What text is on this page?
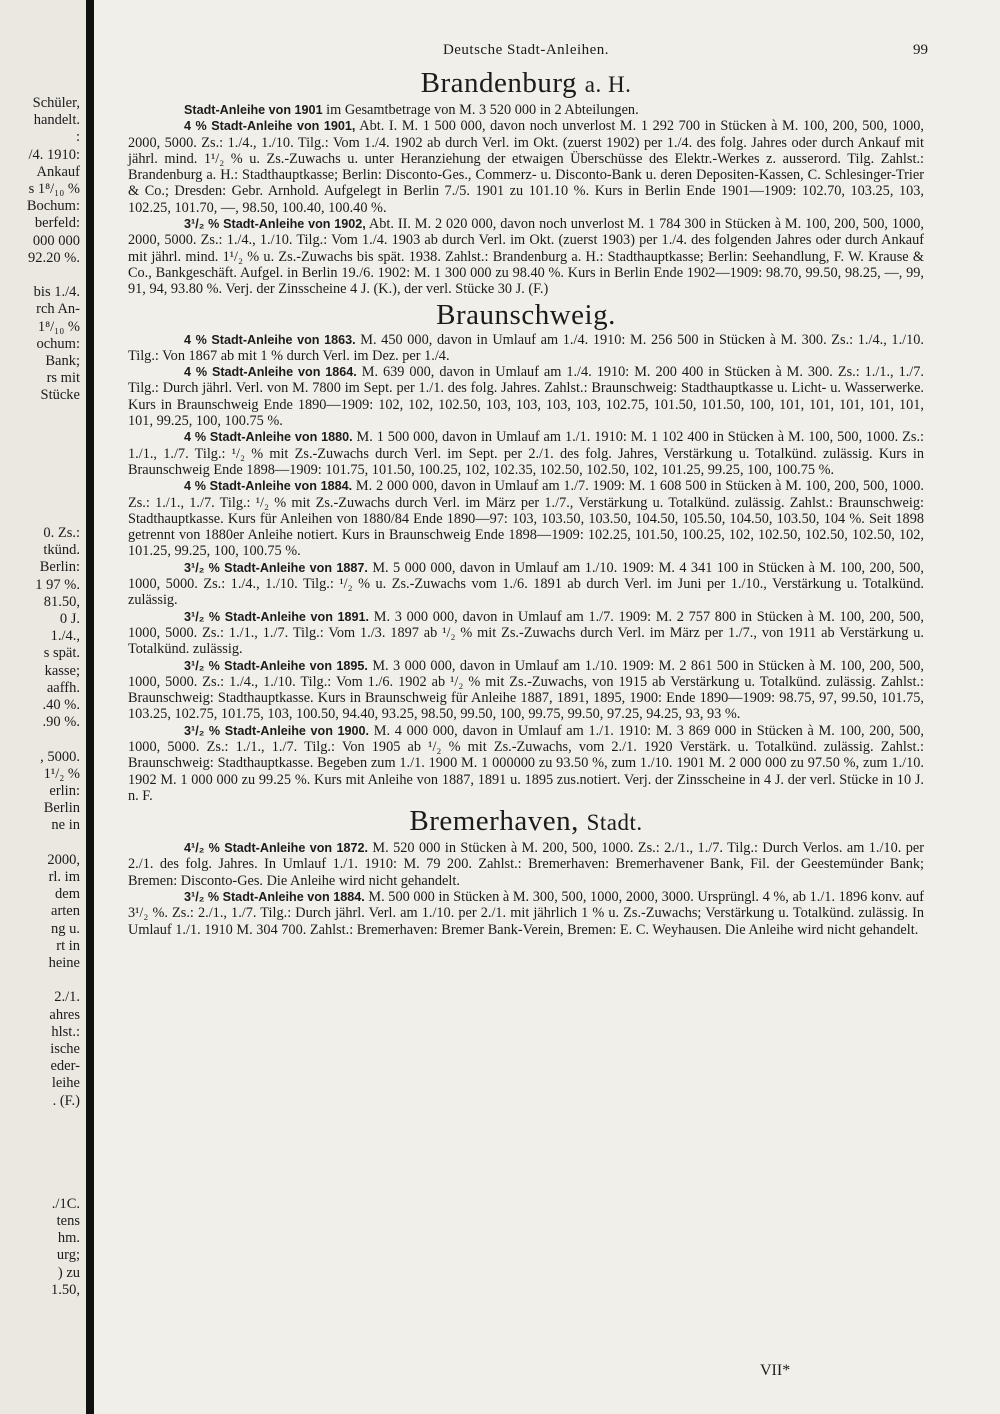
Schüler,
handelt.
:
/4. 1910:
Ankauf
s 1⁸/₁₀ %
Bochum:
berfeld:
000 000
92.20 %.
bis 1./4.
rch An-
1⁸/₁₀ %
ochum:
Bank;
rs mit
Stücke
0. Zs.:
tkünd.
Berlin:
1 97 %.
81.50,
0 J.
1./4.,
s spät.
kasse;
aaffh.
.40 %.
.90 %.
, 5000.
1¹/₂ %
erlin:
Berlin
ne in
2000,
rl. im
dem
arten
ng u.
rt in
heine
2./1.
ahres
hlst.:
ische
eder-
leihe
. (F.)
./1C.
tens
hm.
urg;
) zu
1.50,
Deutsche Stadt-Anleihen.	99
Brandenburg a. H.

Stadt-Anleihe von 1901 im Gesamtbetrage von M. 3 520 000 in 2 Abteilungen.

4 % Stadt-Anleihe von 1901, Abt. I. M. 1 500 000, davon noch unverlost M. 1 292 700 in Stücken à M. 100, 200, 500, 1000, 2000, 5000. Zs.: 1./4., 1./10. Tilg.: Vom 1./4. 1902 ab durch Verl. im Okt. (zuerst 1902) per 1./4. des folg. Jahres oder durch Ankauf mit jährl. mind. 1¹/₂ % u. Zs.-Zuwachs u. unter Heranziehung der etwaigen Überschüsse des Elektr.-Werkes z. ausserord. Tilg. Zahlst.: Brandenburg a. H.: Stadthauptkasse; Berlin: Disconto-Ges., Commerz- u. Disconto-Bank u. deren Depositen-Kassen, C. Schlesinger-Trier & Co.; Dresden: Gebr. Arnhold. Aufgelegt in Berlin 7./5. 1901 zu 101.10 %. Kurs in Berlin Ende 1901—1909: 102.70, 103.25, 103, 102.25, 101.70, —, 98.50, 100.40, 100.40 %.

3¹/₂ % Stadt-Anleihe von 1902, Abt. II. M. 2 020 000, davon noch unverlost M. 1 784 300 in Stücken à M. 100, 200, 500, 1000, 2000, 5000. Zs.: 1./4., 1./10. Tilg.: Vom 1./4. 1903 ab durch Verl. im Okt. (zuerst 1903) per 1./4. des folgenden Jahres oder durch Ankauf mit jährl. mind. 1¹/₂ % u. Zs.-Zuwachs bis spät. 1938. Zahlst.: Brandenburg a. H.: Stadthauptkasse; Berlin: Seehandlung, F. W. Krause & Co., Bankgeschäft. Aufgel. in Berlin 19./6. 1902: M. 1 300 000 zu 98.40 %. Kurs in Berlin Ende 1902—1909: 98.70, 99.50, 98.25, —, 99, 91, 94, 93.80 %. Verj. der Zinsscheine 4 J. (K.), der verl. Stücke 30 J. (F.)

Braunschweig.

4 % Stadt-Anleihe von 1863. M. 450 000, davon in Umlauf am 1./4. 1910: M. 256 500 in Stücken à M. 300. Zs.: 1./4., 1./10. Tilg.: Von 1867 ab mit 1 % durch Verl. im Dez. per 1./4.

4 % Stadt-Anleihe von 1864. M. 639 000, davon in Umlauf am 1./4. 1910: M. 200 400 in Stücken à M. 300. Zs.: 1./1., 1./7. Tilg.: Durch jährl. Verl. von M. 7800 im Sept. per 1./1. des folg. Jahres. Zahlst.: Braunschweig: Stadthauptkasse u. Licht- u. Wasserwerke. Kurs in Braunschweig Ende 1890—1909: 102, 102, 102.50, 103, 103, 103, 103, 102.75, 101.50, 101.50, 100, 101, 101, 101, 101, 101, 101, 99.25, 100, 100.75 %.

4 % Stadt-Anleihe von 1880. M. 1 500 000, davon in Umlauf am 1./1. 1910: M. 1 102 400 in Stücken à M. 100, 500, 1000. Zs.: 1./1., 1./7. Tilg.: ¹/₂ % mit Zs.-Zuwachs durch Verl. im Sept. per 2./1. des folg. Jahres, Verstärkung u. Totalkünd. zulässig. Kurs in Braunschweig Ende 1898—1909: 101.75, 101.50, 100.25, 102, 102.35, 102.50, 102.50, 102, 101.25, 99.25, 100, 100.75 %.

4 % Stadt-Anleihe von 1884. M. 2 000 000, davon in Umlauf am 1./7. 1909: M. 1 608 500 in Stücken à M. 100, 200, 500, 1000. Zs.: 1./1., 1./7. Tilg.: ¹/₂ % mit Zs.-Zuwachs durch Verl. im März per 1./7., Verstärkung u. Totalkünd. zulässig. Zahlst.: Braunschweig: Stadthauptkasse. Kurs für Anleihen von 1880/84 Ende 1890—97: 103, 103.50, 103.50, 104.50, 105.50, 104.50, 103.50, 104 %. Seit 1898 getrennt von 1880er Anleihe notiert. Kurs in Braunschweig Ende 1898—1909: 102.25, 101.50, 100.25, 102, 102.50, 102.50, 102.50, 102, 101.25, 99.25, 100, 100.75 %.

3¹/₂ % Stadt-Anleihe von 1887. M. 5 000 000, davon in Umlauf am 1./10. 1909: M. 4 341 100 in Stücken à M. 100, 200, 500, 1000, 5000. Zs.: 1./4., 1./10. Tilg.: ¹/₂ % u. Zs.-Zuwachs vom 1./6. 1891 ab durch Verl. im Juni per 1./10., Verstärkung u. Totalkünd. zulässig.

3¹/₂ % Stadt-Anleihe von 1891. M. 3 000 000, davon in Umlauf am 1./7. 1909: M. 2 757 800 in Stücken à M. 100, 200, 500, 1000, 5000. Zs.: 1./1., 1./7. Tilg.: Vom 1./3. 1897 ab ¹/₂ % mit Zs.-Zuwachs durch Verl. im März per 1./7., von 1911 ab Verstärkung u. Totalkünd. zulässig.

3¹/₂ % Stadt-Anleihe von 1895. M. 3 000 000, davon in Umlauf am 1./10. 1909: M. 2 861 500 in Stücken à M. 100, 200, 500, 1000, 5000. Zs.: 1./4., 1./10. Tilg.: Vom 1./6. 1902 ab ¹/₂ % mit Zs.-Zuwachs, von 1915 ab Verstärkung u. Totalkünd. zulässig. Zahlst.: Braunschweig: Stadthauptkasse. Kurs in Braunschweig für Anleihe 1887, 1891, 1895, 1900: Ende 1890—1909: 98.75, 97, 99.50, 101.75, 103.25, 102.75, 101.75, 103, 100.50, 94.40, 93.25, 98.50, 99.50, 100, 99.75, 99.50, 97.25, 94.25, 93, 93 %.

3¹/₂ % Stadt-Anleihe von 1900. M. 4 000 000, davon in Umlauf am 1./1. 1910: M. 3 869 000 in Stücken à M. 100, 200, 500, 1000, 5000. Zs.: 1./1., 1./7. Tilg.: Von 1905 ab ¹/₂ % mit Zs.-Zuwachs, vom 2./1. 1920 Verstärk. u. Totalkünd. zulässig. Zahlst.: Braunschweig: Stadthauptkasse. Begeben zum 1./1. 1900 M. 1 000000 zu 93.50 %, zum 1./10. 1901 M. 2 000 000 zu 97.50 %, zum 1./10. 1902 M. 1 000 000 zu 99.25 %. Kurs mit Anleihe von 1887, 1891 u. 1895 zus.notiert. Verj. der Zinsscheine in 4 J. der verl. Stücke in 10 J. n. F.

Bremerhaven, Stadt.

4¹/₂ % Stadt-Anleihe von 1872. M. 520 000 in Stücken à M. 200, 500, 1000. Zs.: 2./1., 1./7. Tilg.: Durch Verlos. am 1./10. per 2./1. des folg. Jahres. In Umlauf 1./1. 1910: M. 79 200. Zahlst.: Bremerhaven: Bremerhavener Bank, Fil. der Geestemünder Bank; Bremen: Disconto-Ges. Die Anleihe wird nicht gehandelt.

3¹/₂ % Stadt-Anleihe von 1884. M. 500 000 in Stücken à M. 300, 500, 1000, 2000, 3000. Ursprüngl. 4 %, ab 1./1. 1896 konv. auf 3¹/₂ %. Zs.: 2./1., 1./7. Tilg.: Durch jährl. Verl. am 1./10. per 2./1. mit jährlich 1 % u. Zs.-Zuwachs; Verstärkung u. Totalkünd. zulässig. In Umlauf 1./1. 1910 M. 304 700. Zahlst.: Bremerhaven: Bremer Bank-Verein, Bremen: E. C. Weyhausen. Die Anleihe wird nicht gehandelt.

VII*
